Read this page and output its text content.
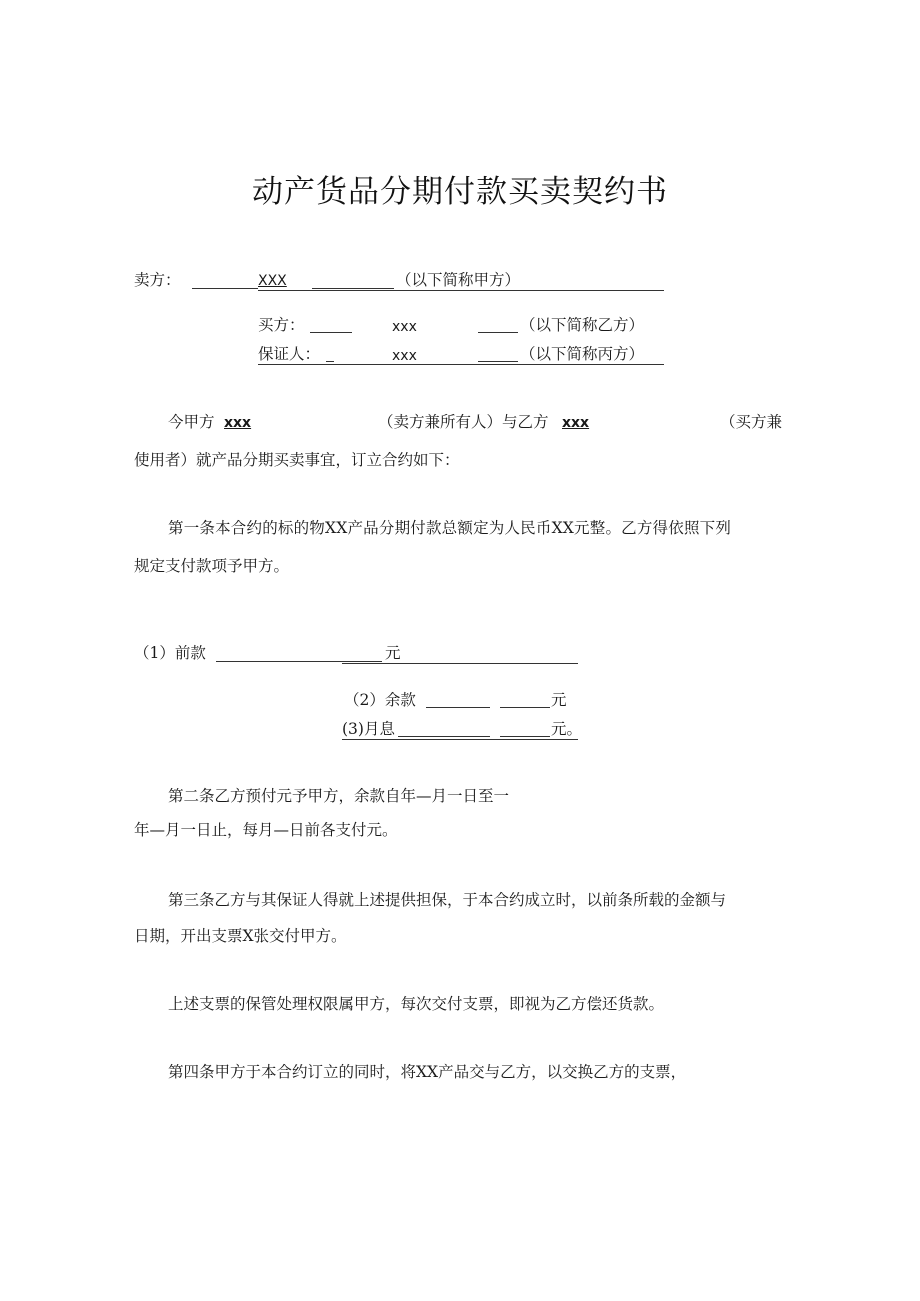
动产货品分期付款买卖契约书
卖方：	XXX	（以下简称甲方）
买方：	xxx	（以下简称乙方）
保证人：	xxx	（以下简称丙方）
今甲方 xxx	（卖方兼所有人）与乙方 xxx	（买方兼
使用者）就产品分期买卖事宜，订立合约如下：
第一条本合约的标的物XX产品分期付款总额定为人民币XX元整。乙方得依照下列
规定支付款项予甲方。
（1）前款	元
（2）余款	元
(3)月息	元。
第二条乙方预付元予甲方，余款自年—月一日至一
年—月一日止，每月—日前各支付元。
第三条乙方与其保证人得就上述提供担保，于本合约成立时，以前条所载的金额与
日期，开出支票X张交付甲方。
上述支票的保管处理权限属甲方，每次交付支票，即视为乙方偿还货款。
第四条甲方于本合约订立的同时，将XX产品交与乙方，以交换乙方的支票，
